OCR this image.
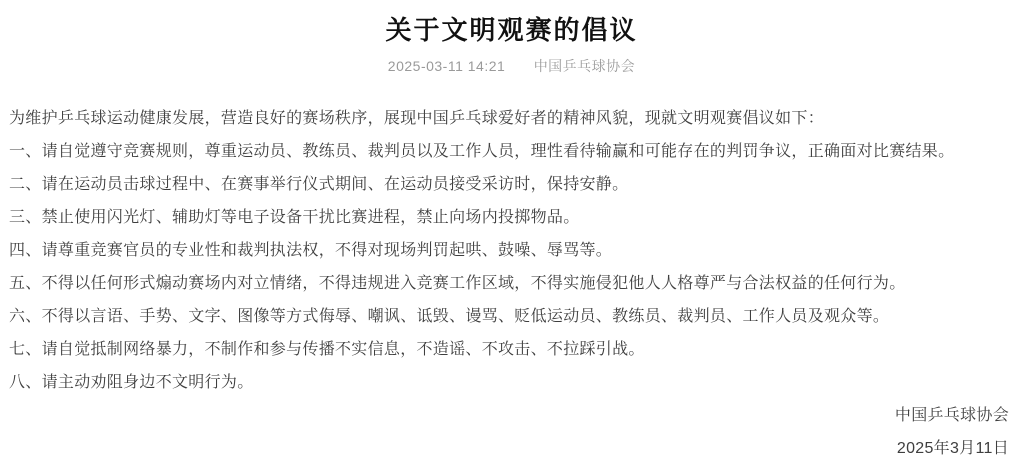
关于文明观赛的倡议
2025-03-11 14:21 中国乒乓球协会

为维护乒乓球运动健康发展，营造良好的赛场秩序，展现中国乒乓球爱好者的精神风貌，现就文明观赛倡议如下：

一、请自觉遵守竞赛规则，尊重运动员、教练员、裁判员以及工作人员，理性看待输赢和可能存在的判罚争议，正确面对比赛结果。

二、请在运动员击球过程中、在赛事举行仪式期间、在运动员接受采访时，保持安静。

三、禁止使用闪光灯、辅助灯等电子设备干扰比赛进程，禁止向场内投掷物品。

四、请尊重竞赛官员的专业性和裁判执法权，不得对现场判罚起哄、鼓噪、辱骂等。

五、不得以任何形式煽动赛场内对立情绪，不得违规进入竞赛工作区域，不得实施侵犯他人人格尊严与合法权益的任何行为。

六、不得以言语、手势、文字、图像等方式侮辱、嘲讽、诋毁、谩骂、贬低运动员、教练员、裁判员、工作人员及观众等。

七、请自觉抵制网络暴力，不制作和参与传播不实信息，不造谣、不攻击、不拉踩引战。

八、请主动劝阻身边不文明行为。

中国乒乓球协会

2025年3月11日
